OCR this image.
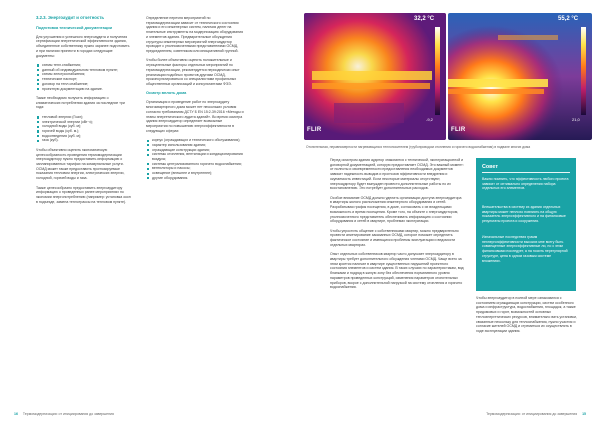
3.2.3. Энергоаудит и отчетность
Подготовка технической документации

Для улучшения и успешного энергоаудита и получения сертификации энергетической эффективности здания, объединенное собственнику нужно заранее подготовить и при наличии принести в городах следующие документы:

схемы тепл.снабжения;
данный об индивидуальном тепловом пункте;
схемы электроснабжения;
технические паспорт;
договор на тепл.снабжение;
проектную документацию на здание.

Также необходимо получить информацию о климатических потреблении здания за последние три года:

тепловой энергии (Гкал);
электрической энергии (кВт·ч);
холодной воды (куб. м);
горячей воды (куб. м.);
водоотведения (куб. м);
газа (куб).

Чтобы объективно оценить экономическую целесообразность проведения термомодернизации энергоаудитору нужно предоставить информацию о запланированных тарифах на коммунальные услуги. ОСМД может также предоставить прогнозируемые показания тепловом энергии, электрических энергии, холодной, горячей воды и газа.

Также целесообразно предоставить энергоаудитору информацию о проведенных ранее мероприятиях по экономии энергопотреблению (например: установка окон в подъезде, замена теплотрассы на тепловом пункте).

Определение перечня мероприятий по термомодернизации зависит от технического состояния здания и его инженерных систем, наличия денег на плательные инструменты на модернизацию оборудования и элементов здания. Предварительные обсуждения структуры инженерных мероприятий энергоаудитор проводит с уполномоченными представителями ОСМД, председателем, советником или инициативной группой.

Чтобы более объективно оценить положительные и отрицательные факторы отдельных мероприятий по термомодернизации, рекомендуется периодически опыт реализации подобных проектов другими ОСМД, проконсультироваться со специалистами профильных общественных организаций и консультантами ФЭЭ.

Осмотр вплоть дома

Организация и проведение работ по энергоаудиту многоквартирного дома может нет нескольких условия согласно требованиям ДСТУ Б EN 15:2-39:2016 «Методы и этапы энергетического аудита зданий». Во время осмотра здания энергоаудитор определяет возможные мероприятия по повышению энергоэффективности в следующих сферах:

корпус (ограждающих и технического обслуживания);
характер использования здания;
ограждающие конструкции здания;
системы отопления, вентиляции и кондиционирования воздуха;
системы централизованного горячего водоснабжения;
вентиляторы и насосы;
освещение (внешнее и внутреннее);
другие оборудования.
32,2 °C
-9,2
FLIR
55,2 °C
21,0
FLIR
Отопительная, неравномерности нагревающихся теплоносителем (трубопроводом отопления и горячего водоснабжения) в подвале многих дома

Перед осмотром здания аудитор знакомится с технической, эксплуатационной и договорной документацией, которую предоставляет ОСМД. Это важный момент: от полноты и своевременности предоставления необходимых документов зависит надежность выводов и прогнозов эффективности внедрения и окупаемость инвестиций. Если некоторые материалы отсутствуют, энергоаудитору будет вынужден провести дополнительные работы по их восстановлению. Это потребует дополнительных расходов.

Особое внимание ОСМД должно уделить организации доступа энергоаудитора в квартиры жилого расположения инженерного оборудования и сетей. Разрабатывая график посещения, в доме, согласовать с их владельцами возможность и время посещения. Кроме того, на объекте с энергоаудитором, уполномоченного представитель обеспечивать информацию о состоянии оборудования и сетей в квартире, проблемах эксплуатации.

Чтобы упростить общение с собственниками квартир, можно предварительно провести анкетирование заказанных ОСМД, которое поможет определить фактическое состояние и имеющихся проблемы эксплуатации и ведомости отдельных квартирах.

Опыт отдельных собственников квартир часто допускает энергоаудитору в квартиры требует дополнительного обсуждения членами ОСМД. Чаще всего за этим кроется наличие в квартире существенных нарушений проектного состояния элементов и систем здания. В таких случаях по характеристикам, вид бланками и подряд в жилую зону без обеспечения нормативного уровня параметров проведенных конструкций, изменения параметров отопительных приборов, вскрое с дополнительной нагрузкой на систему отопления и горячего водоснабжения.

Совет
Важно помнить, что эффективность любого проекта зависит от оптимально определения набора отдельных его элементов.
Внешательства в систему из здания отдельных квартиры может неплохо повлиять на общую показатель энергоэффективного и на финансовые результаты проекта и сооружения.
Изначальные последствия грамм неэнергоэффективности высоких мне всегу быть совмещенные энергоэффективные ли, но с этим финансовыми последует, а на носить нерегулярной структуре, цена в одном газовым системе вложениях.

Чтобы энергоаудитор в полной мере ознакомился с состоянием ограждающих конструкции, систем особенного дома и инфраструктура, водоснабжения, площадок, а также придомовых и горит, возможностей основных теплоэнергетических ресурсов, внимательно вать установки, связанные нескольку для теплоснабжения, нужно участия и согласие жителей ОСМД и стремиться их осуществлять в ходе эксплуатации здания.

16 Термомодернизация: от инициирования до завершения	Термомодернизация: от инициирования до завершения 15
